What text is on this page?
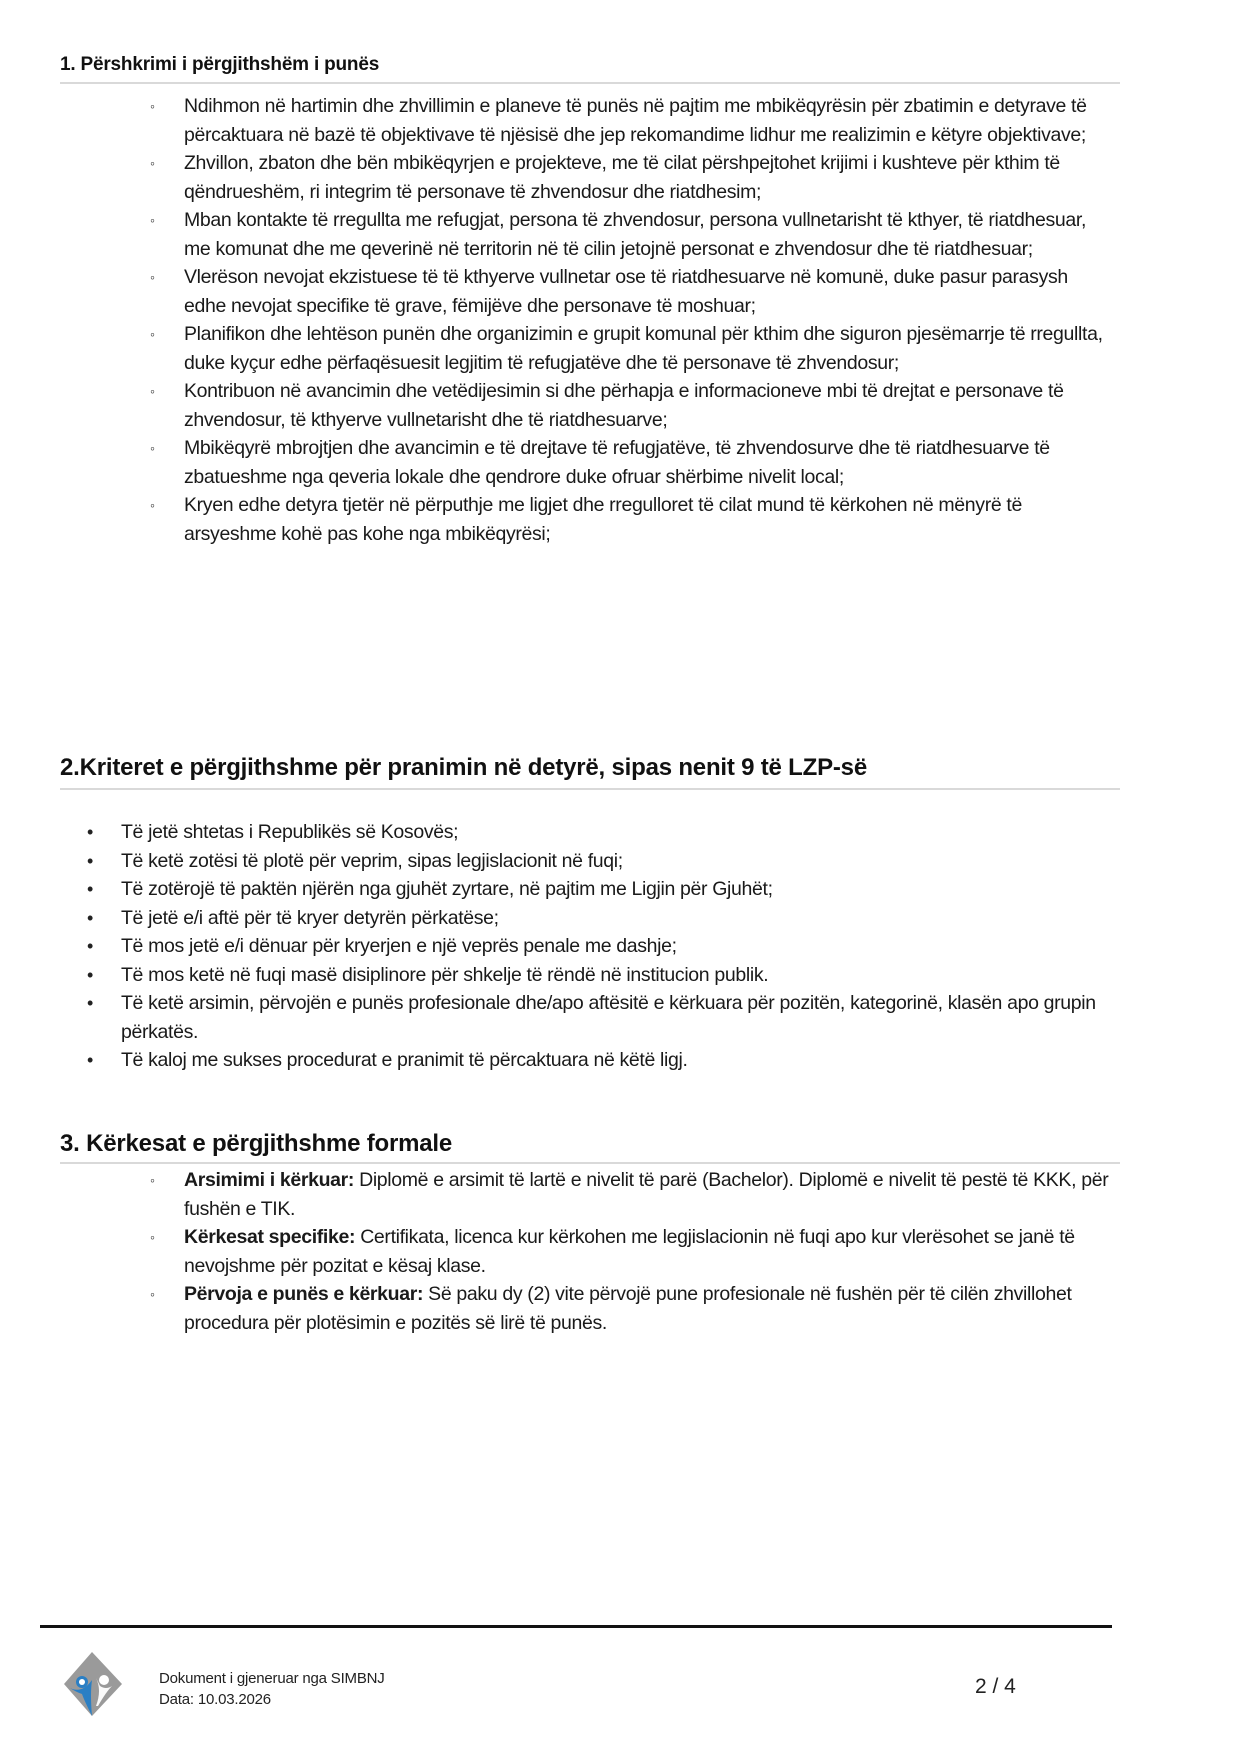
1. Përshkrimi i përgjithshëm i punës
◦ Ndihmon në hartimin dhe zhvillimin e planeve të punës në pajtim me mbikëqyrësin për zbatimin e detyrave të përcaktuara në bazë të objektivave të njësisë dhe jep rekomandime lidhur me realizimin e këtyre objektivave;
◦ Zhvillon, zbaton dhe bën mbikëqyrjen e projekteve, me të cilat përshpejtohet krijimi i kushteve për kthim të qëndrueshëm, ri integrim të personave të zhvendosur dhe riatdhesim;
◦ Mban kontakte të rregullta me refugjat, persona të zhvendosur, persona vullnetarisht të kthyer, të riatdhesuar, me komunat dhe me qeverinë në territorin në të cilin jetojnë personat e zhvendosur dhe të riatdhesuar;
◦ Vlerëson nevojat ekzistuese të të kthyerve vullnetar ose të riatdhesuarve në komunë, duke pasur parasysh edhe nevojat specifike të grave, fëmijëve dhe personave të moshuar;
◦ Planifikon dhe lehtëson punën dhe organizimin e grupit komunal për kthim dhe siguron pjesëmarrje të rregullta, duke kyçur edhe përfaqësuesit legjitim të refugjatëve dhe të personave të zhvendosur;
◦ Kontribuon në avancimin dhe vetëdijesimin si dhe përhapja e informacioneve mbi të drejtat e personave të zhvendosur, të kthyerve vullnetarisht dhe të riatdhesuarve;
◦ Mbikëqyrë mbrojtjen dhe avancimin e të drejtave të refugjatëve, të zhvendosurve dhe të riatdhesuarve të zbatueshme nga qeveria lokale dhe qendrore duke ofruar shërbime nivelit local;
◦ Kryen edhe detyra tjetër në përputhje me ligjet dhe rregulloret të cilat mund të kërkohen në mënyrë të arsyeshme kohë pas kohe nga mbikëqyrësi;
2.Kriteret e përgjithshme për pranimin në detyrë, sipas nenit 9 të LZP-së
• Të jetë shtetas i Republikës së Kosovës;
• Të ketë zotësi të plotë për veprim, sipas legjislacionit në fuqi;
• Të zotërojë të paktën njërën nga gjuhët zyrtare, në pajtim me Ligjin për Gjuhët;
• Të jetë e/i aftë për të kryer detyrën përkatëse;
• Të mos jetë e/i dënuar për kryerjen e një veprës penale me dashje;
• Të mos ketë në fuqi masë disiplinore për shkelje të rëndë në institucion publik.
• Të ketë arsimin, përvojën e punës profesionale dhe/apo aftësitë e kërkuara për pozitën, kategorinë, klasën apo grupin përkatës.
• Të kaloj me sukses procedurat e pranimit të përcaktuara në këtë ligj.
3. Kërkesat e përgjithshme formale
◦ Arsimimi i kërkuar: Diplomë e arsimit të lartë e nivelit të parë (Bachelor). Diplomë e nivelit të pestë të KKK, për fushën e TIK.
◦ Kërkesat specifike: Certifikata, licenca kur kërkohen me legjislacionin në fuqi apo kur vlerësohet se janë të nevojshme për pozitat e kësaj klase.
◦ Përvoja e punës e kërkuar: Së paku dy (2) vite përvojë pune profesionale në fushën për të cilën zhvillohet procedura për plotësimin e pozitës së lirë të punës.
Dokument i gjeneruar nga SIMBNJ
Data: 10.03.2026
2 / 4
